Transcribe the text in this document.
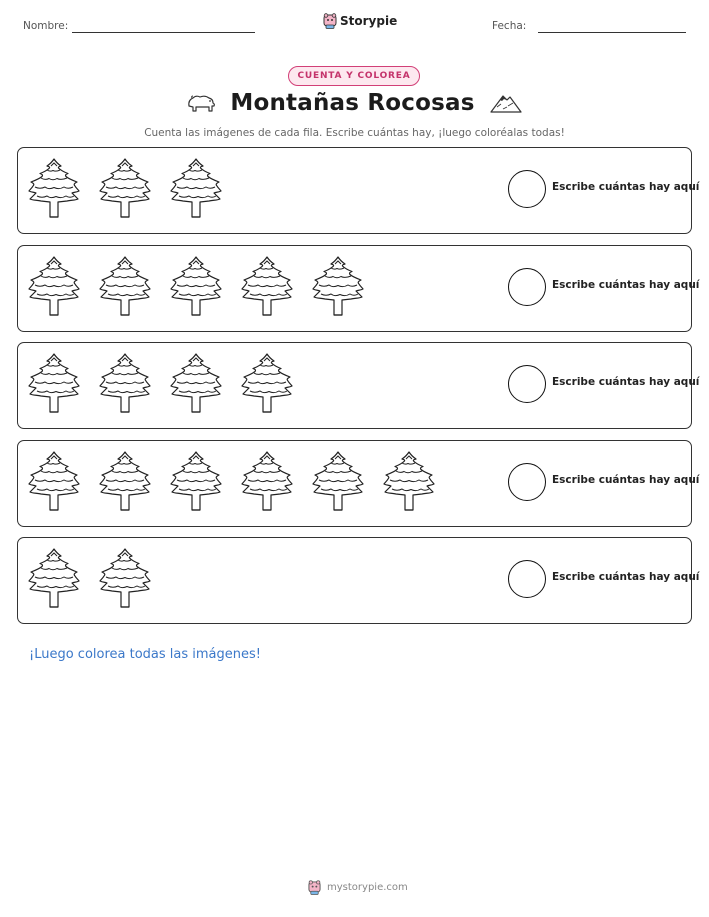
Nombre:	Storypie	Fecha:
CUENTA Y COLOREA
Montañas Rocosas
Cuenta las imágenes de cada fila. Escribe cuántas hay, ¡luego coloréalas todas!
Escribe cuántas hay aquí
Escribe cuántas hay aquí
Escribe cuántas hay aquí
Escribe cuántas hay aquí
Escribe cuántas hay aquí
¡Luego colorea todas las imágenes!
mystorypie.com
